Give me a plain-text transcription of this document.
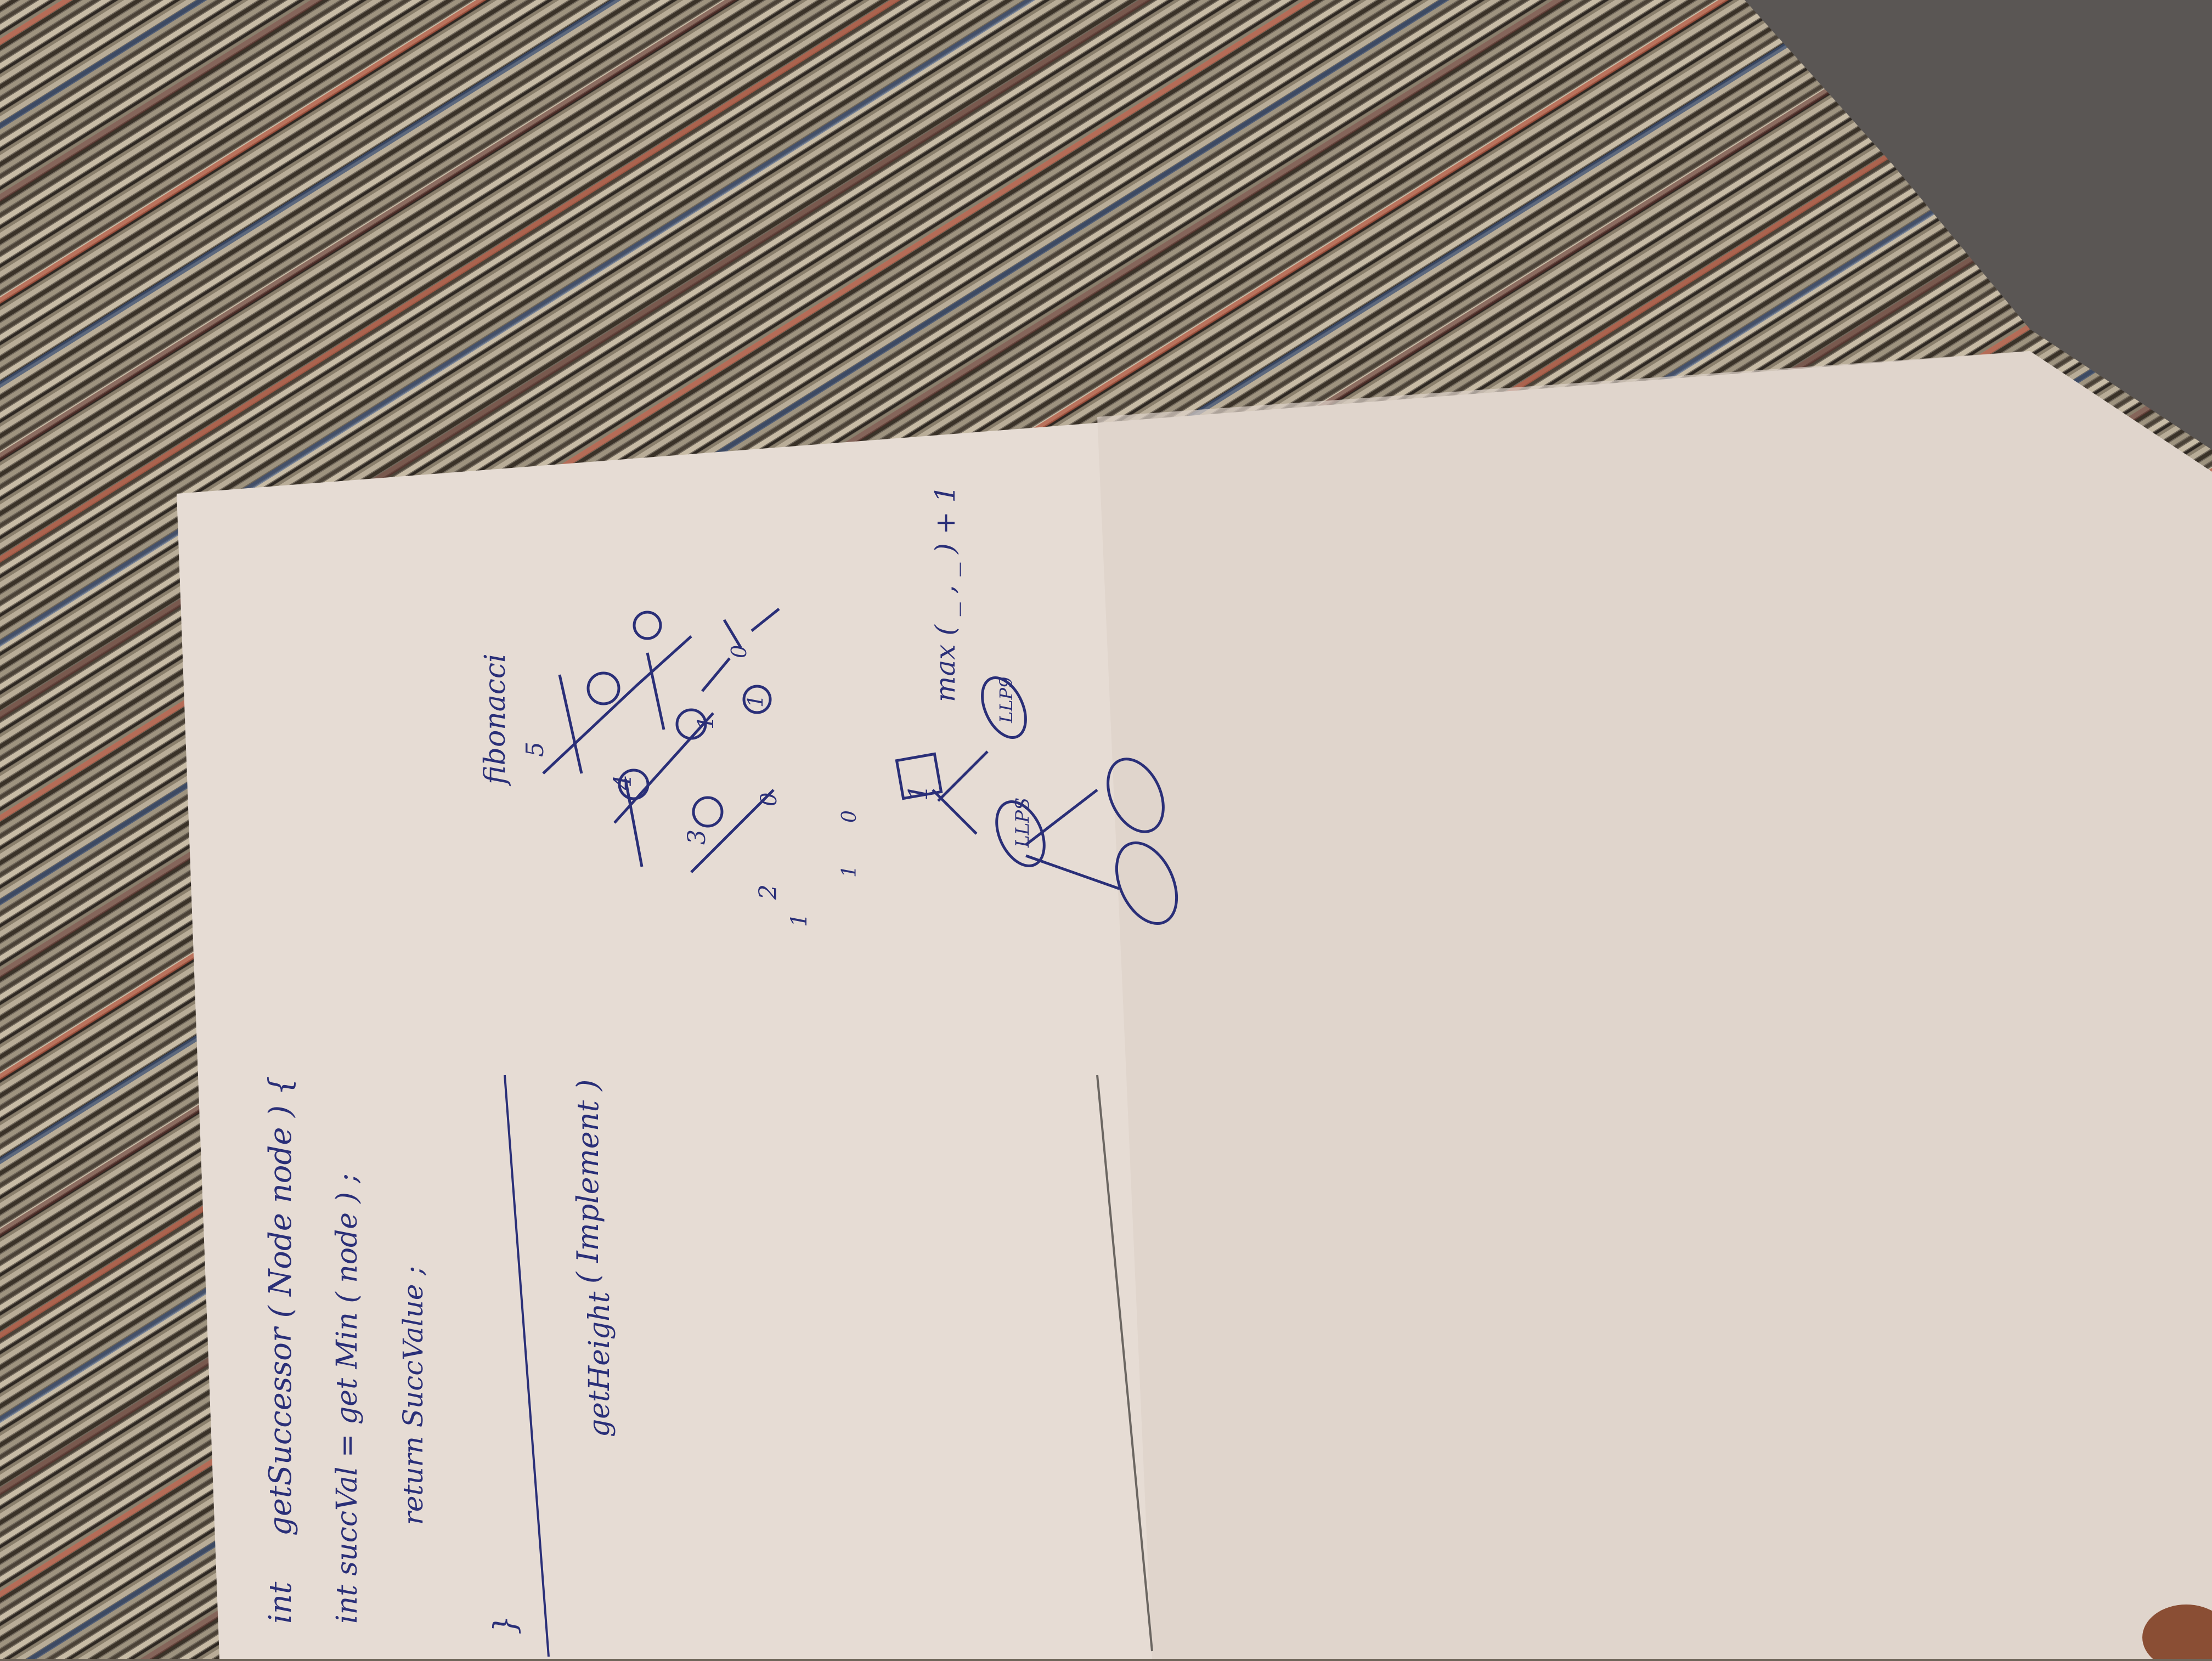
int
getSuccessor ( Node node ) { int succVal = get Min ( node ) ; return SuccValue ;
}
getHeight
( Implement )
fibonacci
max ( _ , _ ) + 1
5
4
3
2
1
0
1
1
0
1
0
1
LLPS
LLP9
